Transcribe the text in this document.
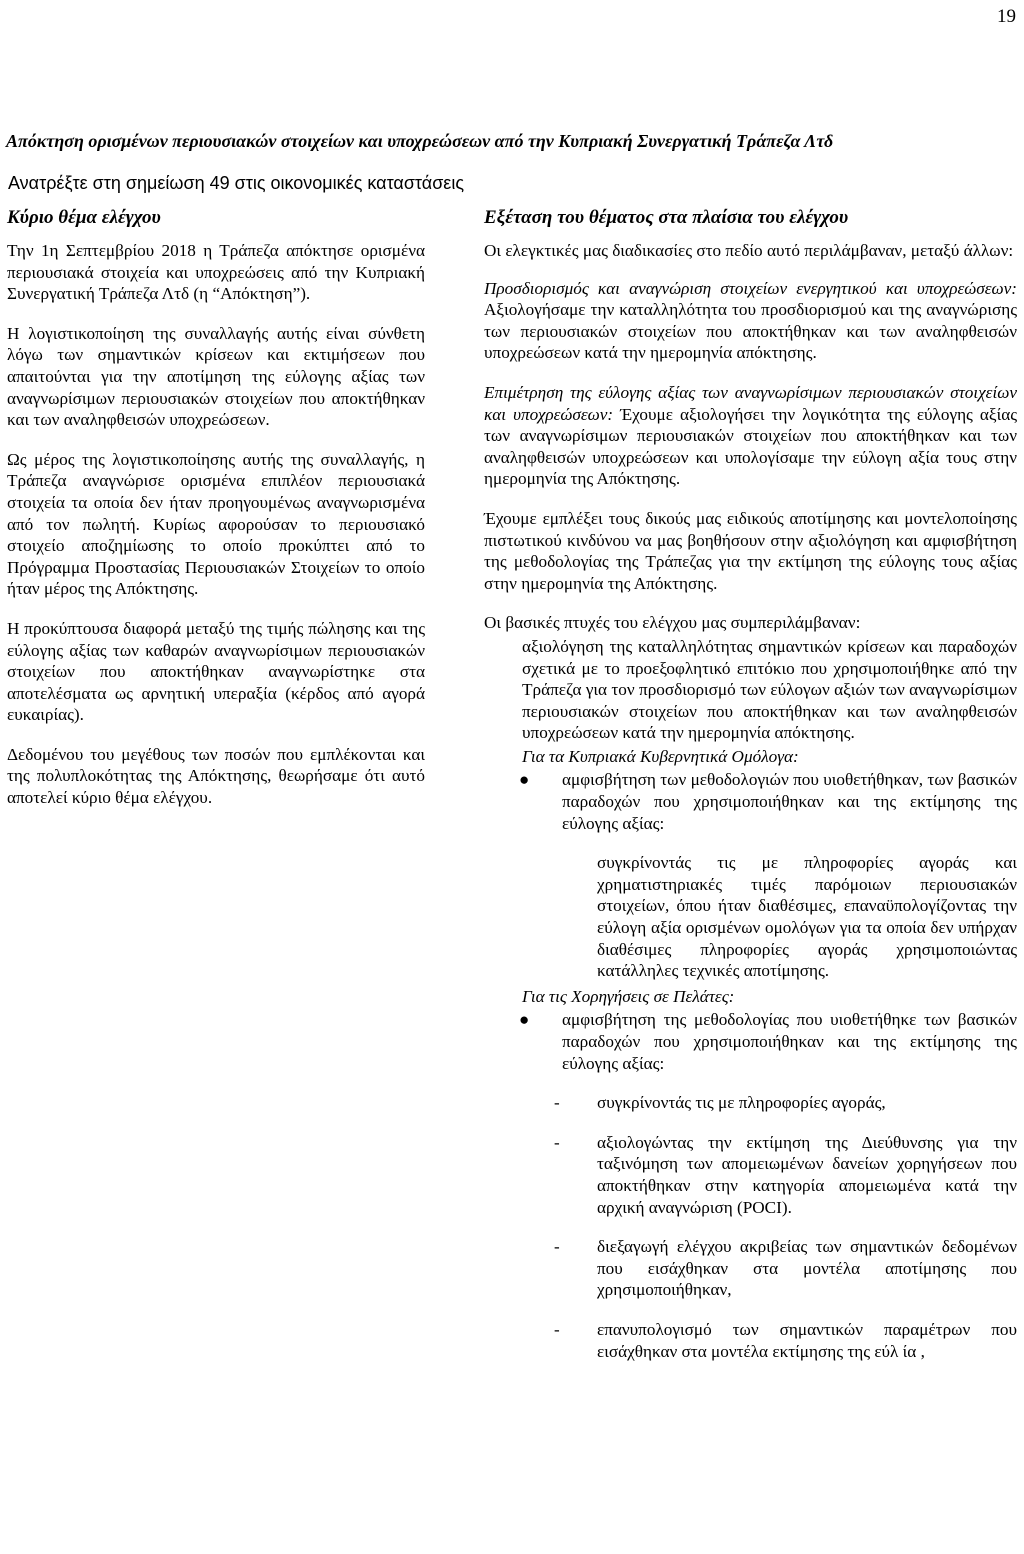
19
Απόκτηση ορισμένων περιουσιακών στοιχείων και υποχρεώσεων από την Κυπριακή Συνεργατική Τράπεζα Λτδ
Ανατρέξτε στη σημείωση 49 στις οικονομικές καταστάσεις
Κύριο θέμα ελέγχου	Εξέταση του θέματος στα πλαίσια του ελέγχου

Την 1η Σεπτεμβρίου 2018 η Τράπεζα απόκτησε ορισμένα περιουσιακά στοιχεία και υποχρεώσεις από την Κυπριακή Συνεργατική Τράπεζα Λτδ (η “Απόκτηση”).

Η λογιστικοποίηση της συναλλαγής αυτής είναι σύνθετη λόγω των σημαντικών κρίσεων και εκτιμήσεων που απαιτούνται για την αποτίμηση της εύλογης αξίας των αναγνωρίσιμων περιουσιακών στοιχείων που αποκτήθηκαν και των αναληφθεισών υποχρεώσεων.

Ως μέρος της λογιστικοποίησης αυτής της συναλλαγής, η Τράπεζα αναγνώρισε ορισμένα επιπλέον περιουσιακά στοιχεία τα οποία δεν ήταν προηγουμένως αναγνωρισμένα από τον πωλητή. Κυρίως αφορούσαν το περιουσιακό στοιχείο αποζημίωσης το οποίο προκύπτει από το Πρόγραμμα Προστασίας Περιουσιακών Στοιχείων το οποίο ήταν μέρος της Απόκτησης.

Η προκύπτουσα διαφορά μεταξύ της τιμής πώλησης και της εύλογης αξίας των καθαρών αναγνωρίσιμων περιουσιακών στοιχείων που αποκτήθηκαν αναγνωρίστηκε στα αποτελέσματα ως αρνητική υπεραξία (κέρδος από αγορά ευκαιρίας).

Δεδομένου του μεγέθους των ποσών που εμπλέκονται και της πολυπλοκότητας της Απόκτησης, θεωρήσαμε ότι αυτό αποτελεί κύριο θέμα ελέγχου.

Οι ελεγκτικές μας διαδικασίες στο πεδίο αυτό περιλάμβαναν, μεταξύ άλλων:

Προσδιορισμός και αναγνώριση στοιχείων ενεργητικού και υποχρεώσεων: Αξιολογήσαμε την καταλληλότητα του προσδιορισμού και της αναγνώρισης των περιουσιακών στοιχείων που αποκτήθηκαν και των αναληφθεισών υποχρεώσεων κατά την ημερομηνία απόκτησης.

Επιμέτρηση της εύλογης αξίας των αναγνωρίσιμων περιουσιακών στοιχείων και υποχρεώσεων: Έχουμε αξιολογήσει την λογικότητα της εύλογης αξίας των αναγνωρίσιμων περιουσιακών στοιχείων που αποκτήθηκαν και των αναληφθεισών υποχρεώσεων και υπολογίσαμε την εύλογη αξία τους στην ημερομηνία της Απόκτησης.

Έχουμε εμπλέξει τους δικούς μας ειδικούς αποτίμησης και μοντελοποίησης πιστωτικού κινδύνου να μας βοηθήσουν στην αξιολόγηση και αμφισβήτηση της μεθοδολογίας της Τράπεζας για την εκτίμηση της εύλογης τους αξίας στην ημερομηνία της Απόκτησης.

Οι βασικές πτυχές του ελέγχου μας συμπεριλάμβαναν:

αξιολόγηση της καταλληλότητας σημαντικών κρίσεων και παραδοχών σχετικά με το προεξοφλητικό επιτόκιο που χρησιμοποιήθηκε από την Τράπεζα για τον προσδιορισμό των εύλογων αξιών των αναγνωρίσιμων περιουσιακών στοιχείων που αποκτήθηκαν και των αναληφθεισών υποχρεώσεων κατά την ημερομηνία απόκτησης.

Για τα Κυπριακά Κυβερνητικά Ομόλογα:
● αμφισβήτηση των μεθοδολογιών που υιοθετήθηκαν, των βασικών παραδοχών που χρησιμοποιήθηκαν και της εκτίμησης της εύλογης αξίας:

συγκρίνοντάς τις με πληροφορίες αγοράς και χρηματιστηριακές τιμές παρόμοιων περιουσιακών στοιχείων, όπου ήταν διαθέσιμες, επαναϋπολογίζοντας την εύλογη αξία ορισμένων ομολόγων για τα οποία δεν υπήρχαν διαθέσιμες πληροφορίες αγοράς χρησιμοποιώντας κατάλληλες τεχνικές αποτίμησης.

Για τις Χορηγήσεις σε Πελάτες:
● αμφισβήτηση της μεθοδολογίας που υιοθετήθηκε των βασικών παραδοχών που χρησιμοποιήθηκαν και της εκτίμησης της εύλογης αξίας:

- συγκρίνοντάς τις με πληροφορίες αγοράς,

- αξιολογώντας την εκτίμηση της Διεύθυνσης για την ταξινόμηση των απομειωμένων δανείων χορηγήσεων που αποκτήθηκαν στην κατηγορία απομειωμένα κατά την αρχική αναγνώριση (POCI).

- διεξαγωγή ελέγχου ακριβείας των σημαντικών δεδομένων που εισάχθηκαν στα μοντέλα αποτίμησης που χρησιμοποιήθηκαν,

- επανυπολογισμό των σημαντικών παραμέτρων που εισάχθηκαν στα μοντέλα εκτίμησης της εύλ ία ,
